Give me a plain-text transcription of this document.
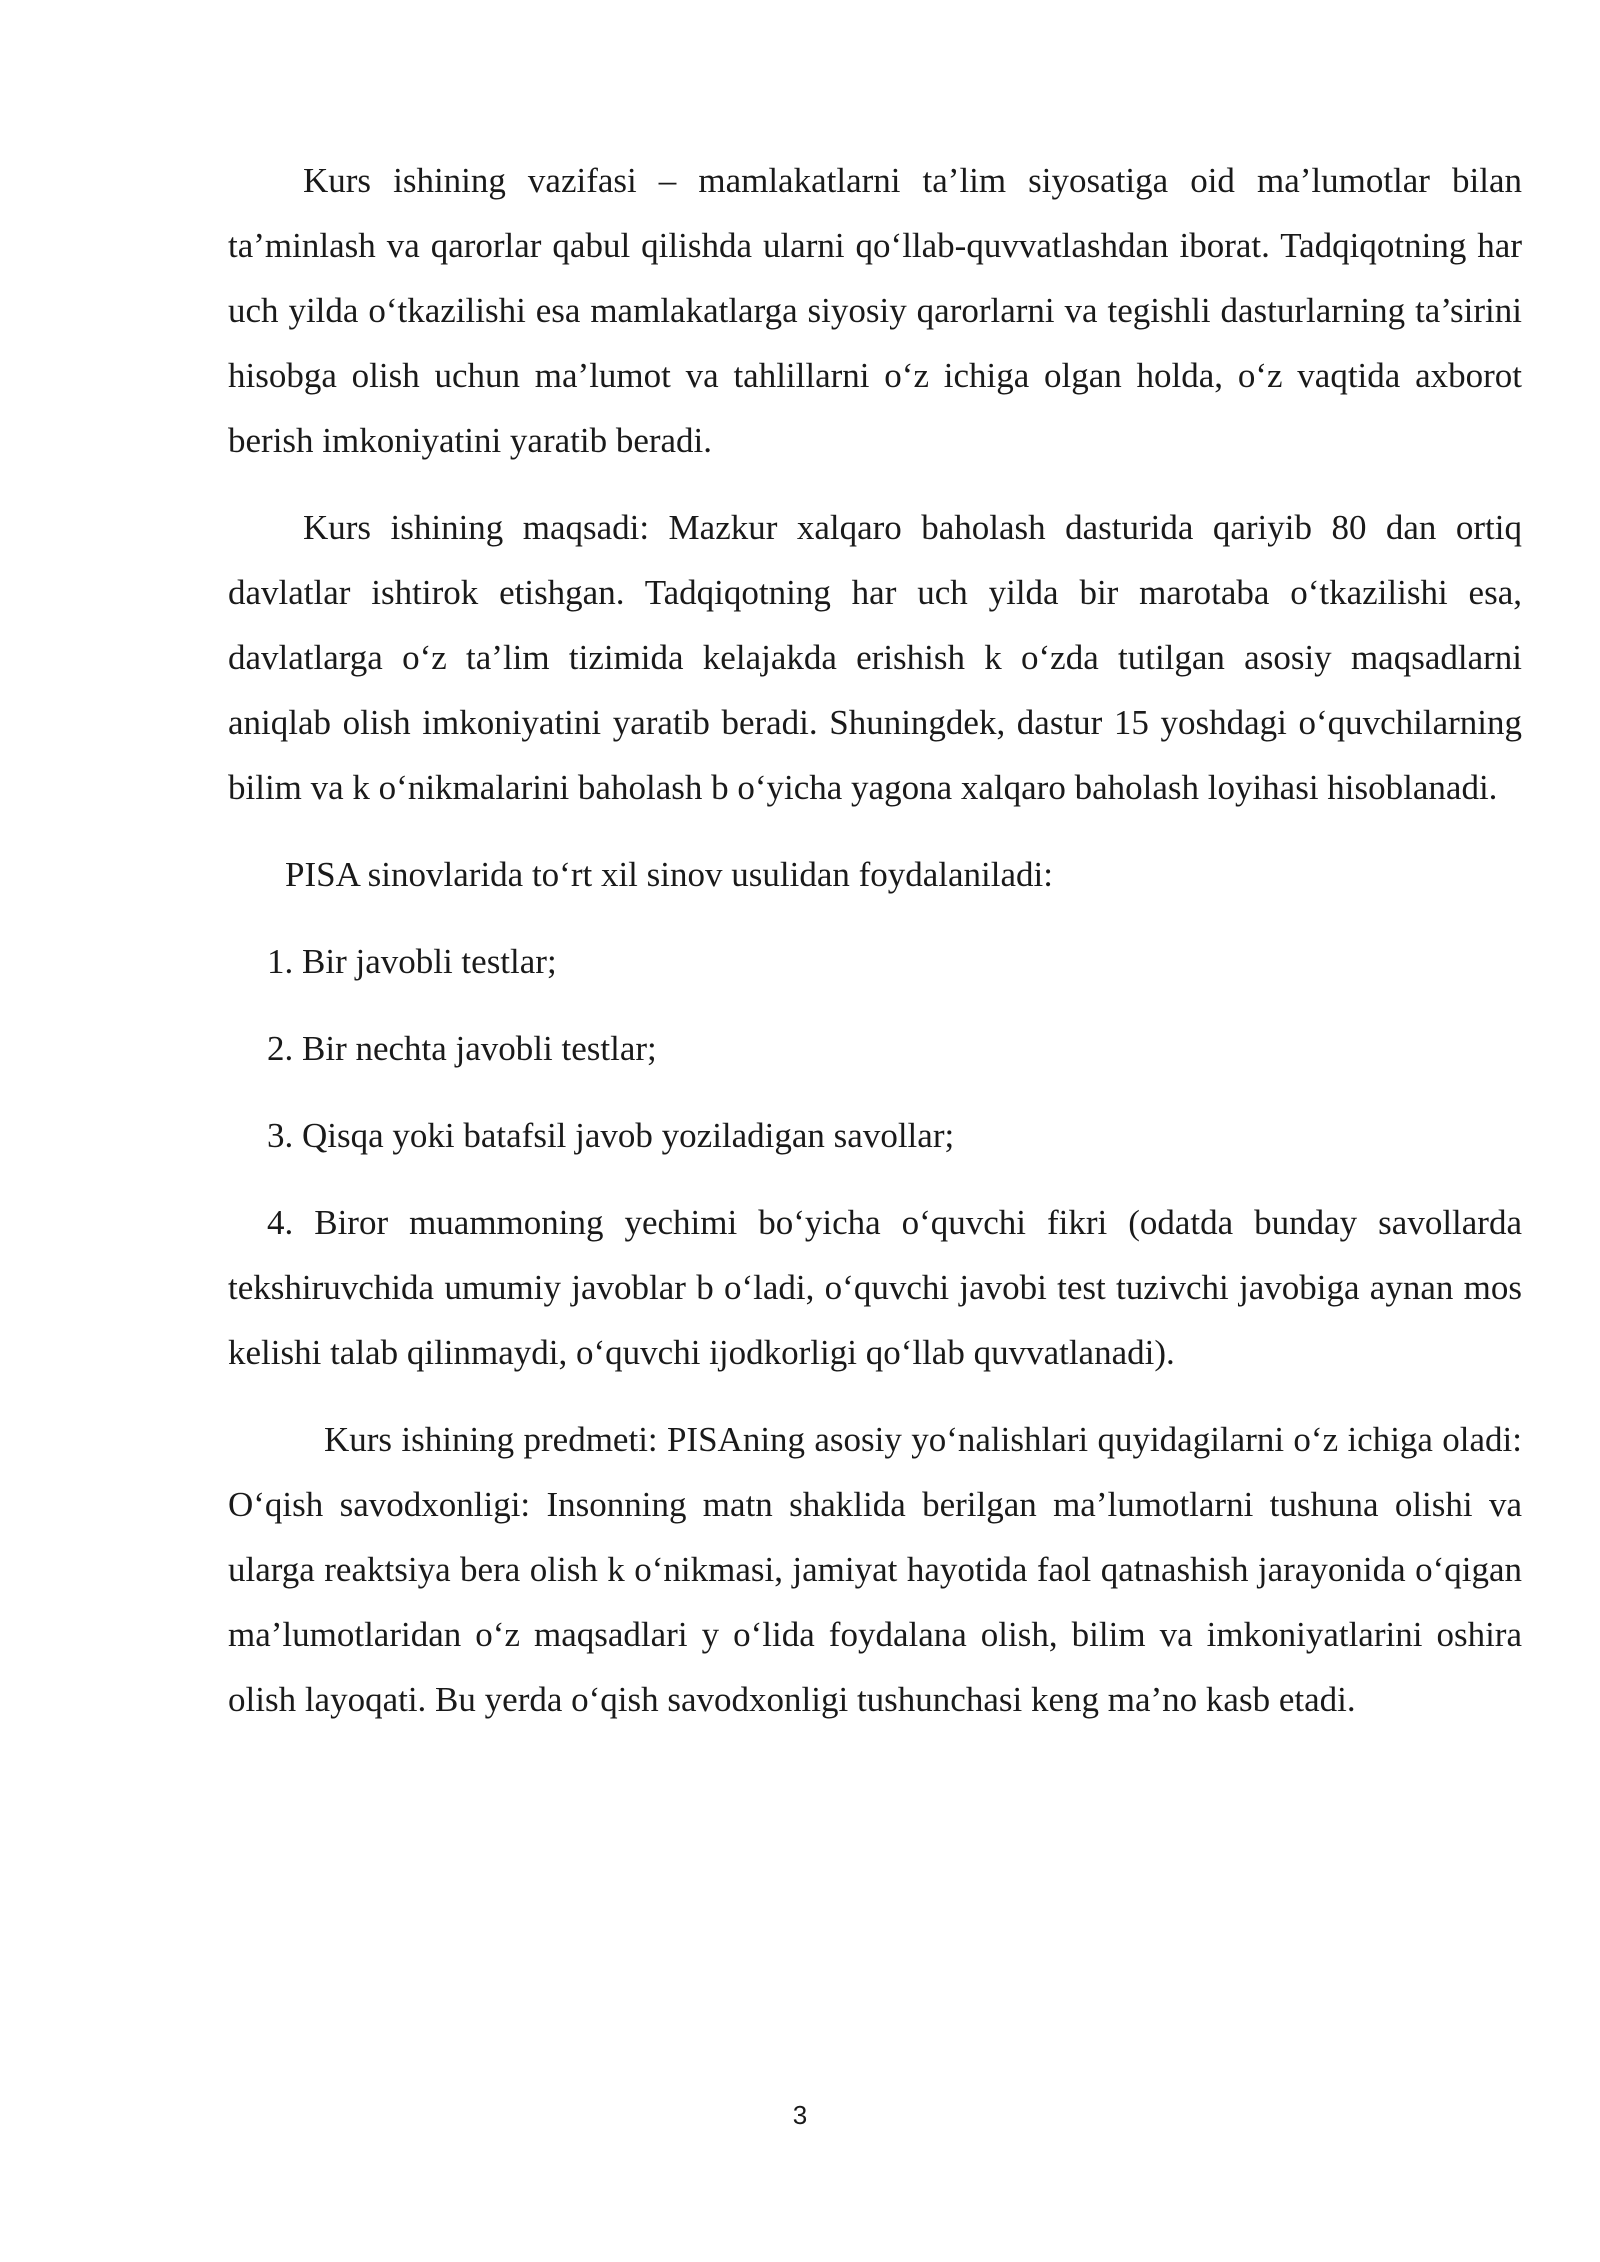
Kurs ishining vazifasi – mamlakatlarni ta’lim siyosatiga oid ma’lumotlar bilan ta’minlash va qarorlar qabul qilishda ularni qo‘llab-quvvatlashdan iborat. Tadqiqotning har uch yilda o‘tkazilishi esa mamlakatlarga siyosiy qarorlarni va tegishli dasturlarning ta’sirini hisobga olish uchun ma’lumot va tahlillarni o‘z ichiga olgan holda, o‘z vaqtida axborot berish imkoniyatini yaratib beradi.

Kurs ishining maqsadi: Mazkur xalqaro baholash dasturida qariyib 80 dan ortiq davlatlar ishtirok etishgan. Tadqiqotning har uch yilda bir marotaba o‘tkazilishi esa, davlatlarga o‘z ta’lim tizimida kelajakda erishish k o‘zda tutilgan asosiy maqsadlarni aniqlab olish imkoniyatini yaratib beradi. Shuningdek, dastur 15 yoshdagi o‘quvchilarning bilim va k o‘nikmalarini baholash b o‘yicha yagona xalqaro baholash loyihasi hisoblanadi.

PISA sinovlarida to‘rt xil sinov usulidan foydalaniladi:

1. Bir javobli testlar;

2. Bir nechta javobli testlar;

3. Qisqa yoki batafsil javob yoziladigan savollar;

4. Biror muammoning yechimi bo‘yicha o‘quvchi fikri (odatda bunday savollarda tekshiruvchida umumiy javoblar b o‘ladi, o‘quvchi javobi test tuzivchi javobiga aynan mos kelishi talab qilinmaydi, o‘quvchi ijodkorligi qo‘llab quvvatlanadi).

Kurs ishining predmeti: PISAning asosiy yo‘nalishlari quyidagilarni o‘z ichiga oladi: O‘qish savodxonligi: Insonning matn shaklida berilgan ma’lumotlarni tushuna olishi va ularga reaktsiya bera olish k o‘nikmasi, jamiyat hayotida faol qatnashish jarayonida o‘qigan ma’lumotlaridan o‘z maqsadlari y o‘lida foydalana olish, bilim va imkoniyatlarini oshira olish layoqati. Bu yerda o‘qish savodxonligi tushunchasi keng ma’no kasb etadi.

3
